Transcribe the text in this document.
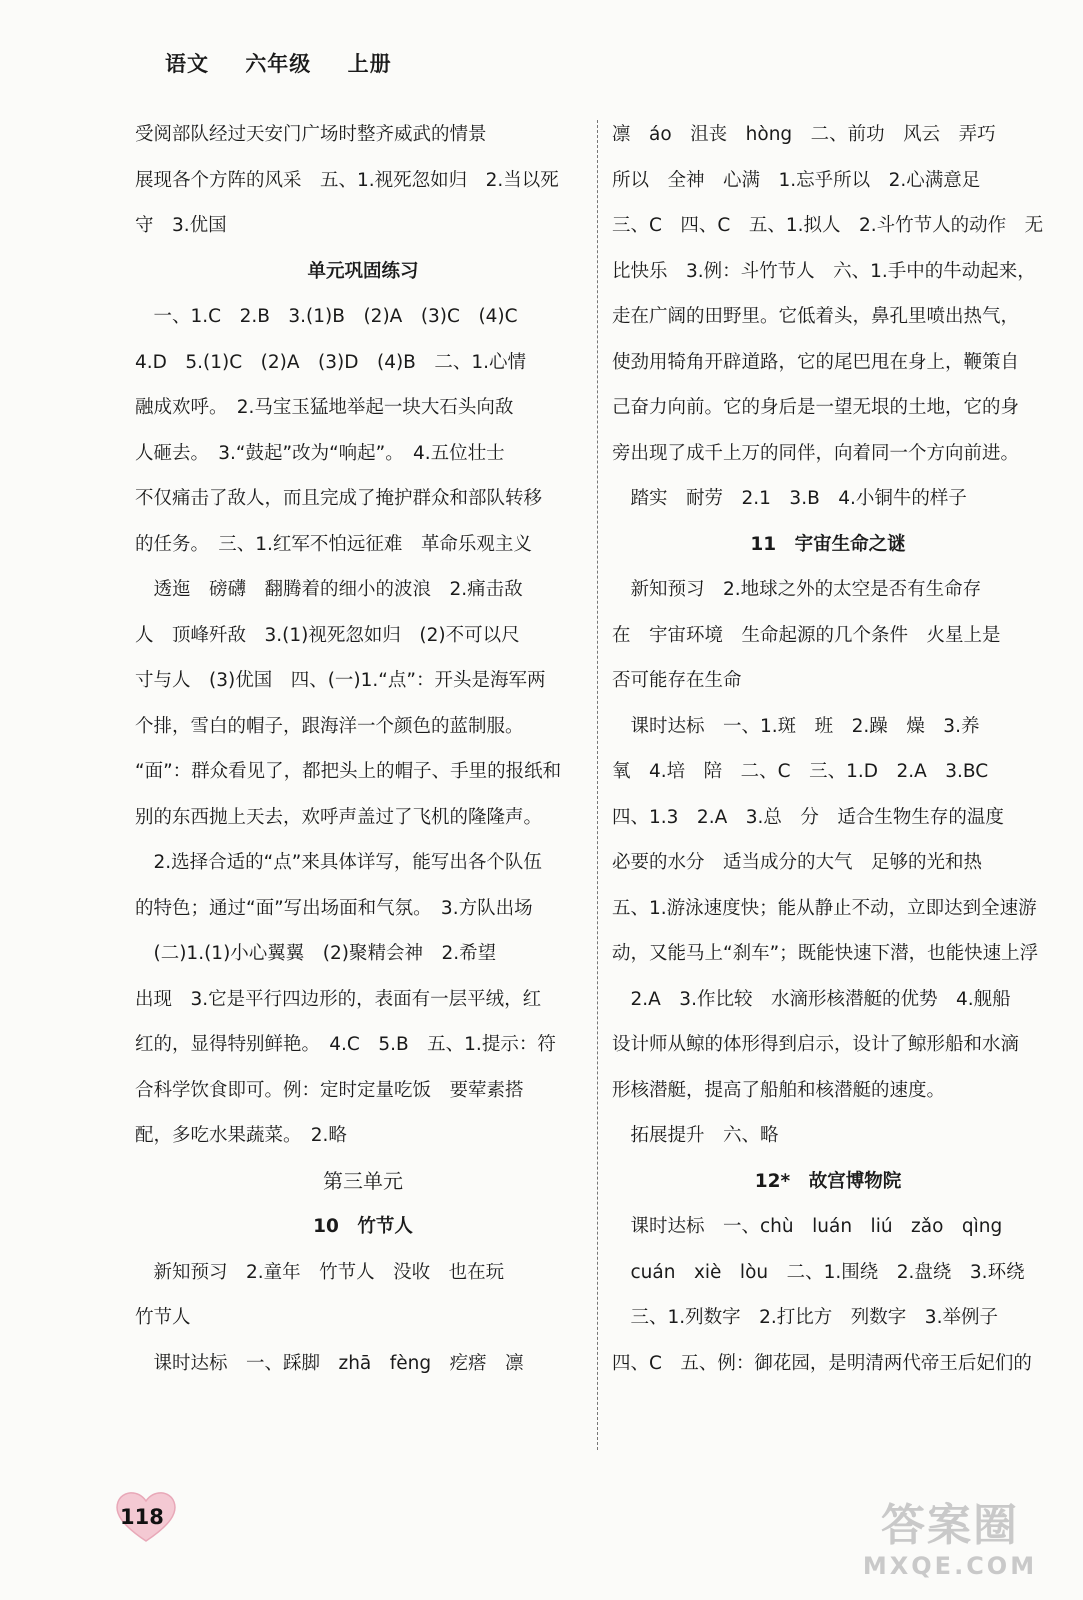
语文 六年级 上册
受阅部队经过天安门广场时整齐威武的情景
展现各个方阵的风采　五、1.视死忽如归　2.当以死
守　3.优国
单元巩固练习
　一、1.C　2.B　3.(1)B　(2)A　(3)C　(4)C
4.D　5.(1)C　(2)A　(3)D　(4)B　二、1.心情
融成欢呼。　2.马宝玉猛地举起一块大石头向敌
人砸去。　3.“鼓起”改为“响起”。　4.五位壮士
不仅痛击了敌人，而且完成了掩护群众和部队转移
的任务。　三、1.红军不怕远征难　革命乐观主义
　透迤　磅礴　翻腾着的细小的波浪　2.痛击敌
人　顶峰歼敌　3.(1)视死忽如归　(2)不可以尺
寸与人　(3)优国　四、(一)1.“点”：开头是海军两
个排，雪白的帽子，跟海洋一个颜色的蓝制服。
“面”：群众看见了，都把头上的帽子、手里的报纸和
别的东西抛上天去，欢呼声盖过了飞机的隆隆声。
　2.选择合适的“点”来具体详写，能写出各个队伍
的特色；通过“面”写出场面和气氛。　3.方队出场
　(二)1.(1)小心翼翼　(2)聚精会神　2.希望
出现　3.它是平行四边形的，表面有一层平绒，红
红的，显得特别鲜艳。　4.C　5.B　五、1.提示：符
合科学饮食即可。例：定时定量吃饭　要荤素搭
配，多吃水果蔬菜。　2.略
第三单元
10　竹节人
　新知预习　2.童年　竹节人　没收　也在玩
竹节人
　课时达标　一、踩脚　zhā　fèng　疙瘩　凛
凛　áo　沮丧　hòng　二、前功　风云　弄巧
所以　全神　心满　1.忘乎所以　2.心满意足
三、C　四、C　五、1.拟人　2.斗竹节人的动作　无
比快乐　3.例：斗竹节人　六、1.手中的牛动起来，
走在广阔的田野里。它低着头，鼻孔里喷出热气，
使劲用犄角开辟道路，它的尾巴甩在身上，鞭策自
己奋力向前。它的身后是一望无垠的土地，它的身
旁出现了成千上万的同伴，向着同一个方向前进。
　踏实　耐劳　2.1　3.B　4.小铜牛的样子
11　宇宙生命之谜
　新知预习　2.地球之外的太空是否有生命存
在　宇宙环境　生命起源的几个条件　火星上是
否可能存在生命
　课时达标　一、1.斑　班　2.躁　燥　3.养
氧　4.培　陪　二、C　三、1.D　2.A　3.BC
四、1.3　2.A　3.总　分　适合生物生存的温度
必要的水分　适当成分的大气　足够的光和热
五、1.游泳速度快；能从静止不动，立即达到全速游
动，又能马上“刹车”；既能快速下潜，也能快速上浮
　2.A　3.作比较　水滴形核潜艇的优势　4.舰船
设计师从鲸的体形得到启示，设计了鲸形船和水滴
形核潜艇，提高了船舶和核潜艇的速度。
　拓展提升　六、略
12*　故宫博物院
　课时达标　一、chù　luán　liú　zǎo　qìng
　cuán　xiè　lòu　二、1.围绕　2.盘绕　3.环绕
　三、1.列数字　2.打比方　列数字　3.举例子
四、C　五、例：御花园，是明清两代帝王后妃们的
118	答案圈
MXQE.COM
